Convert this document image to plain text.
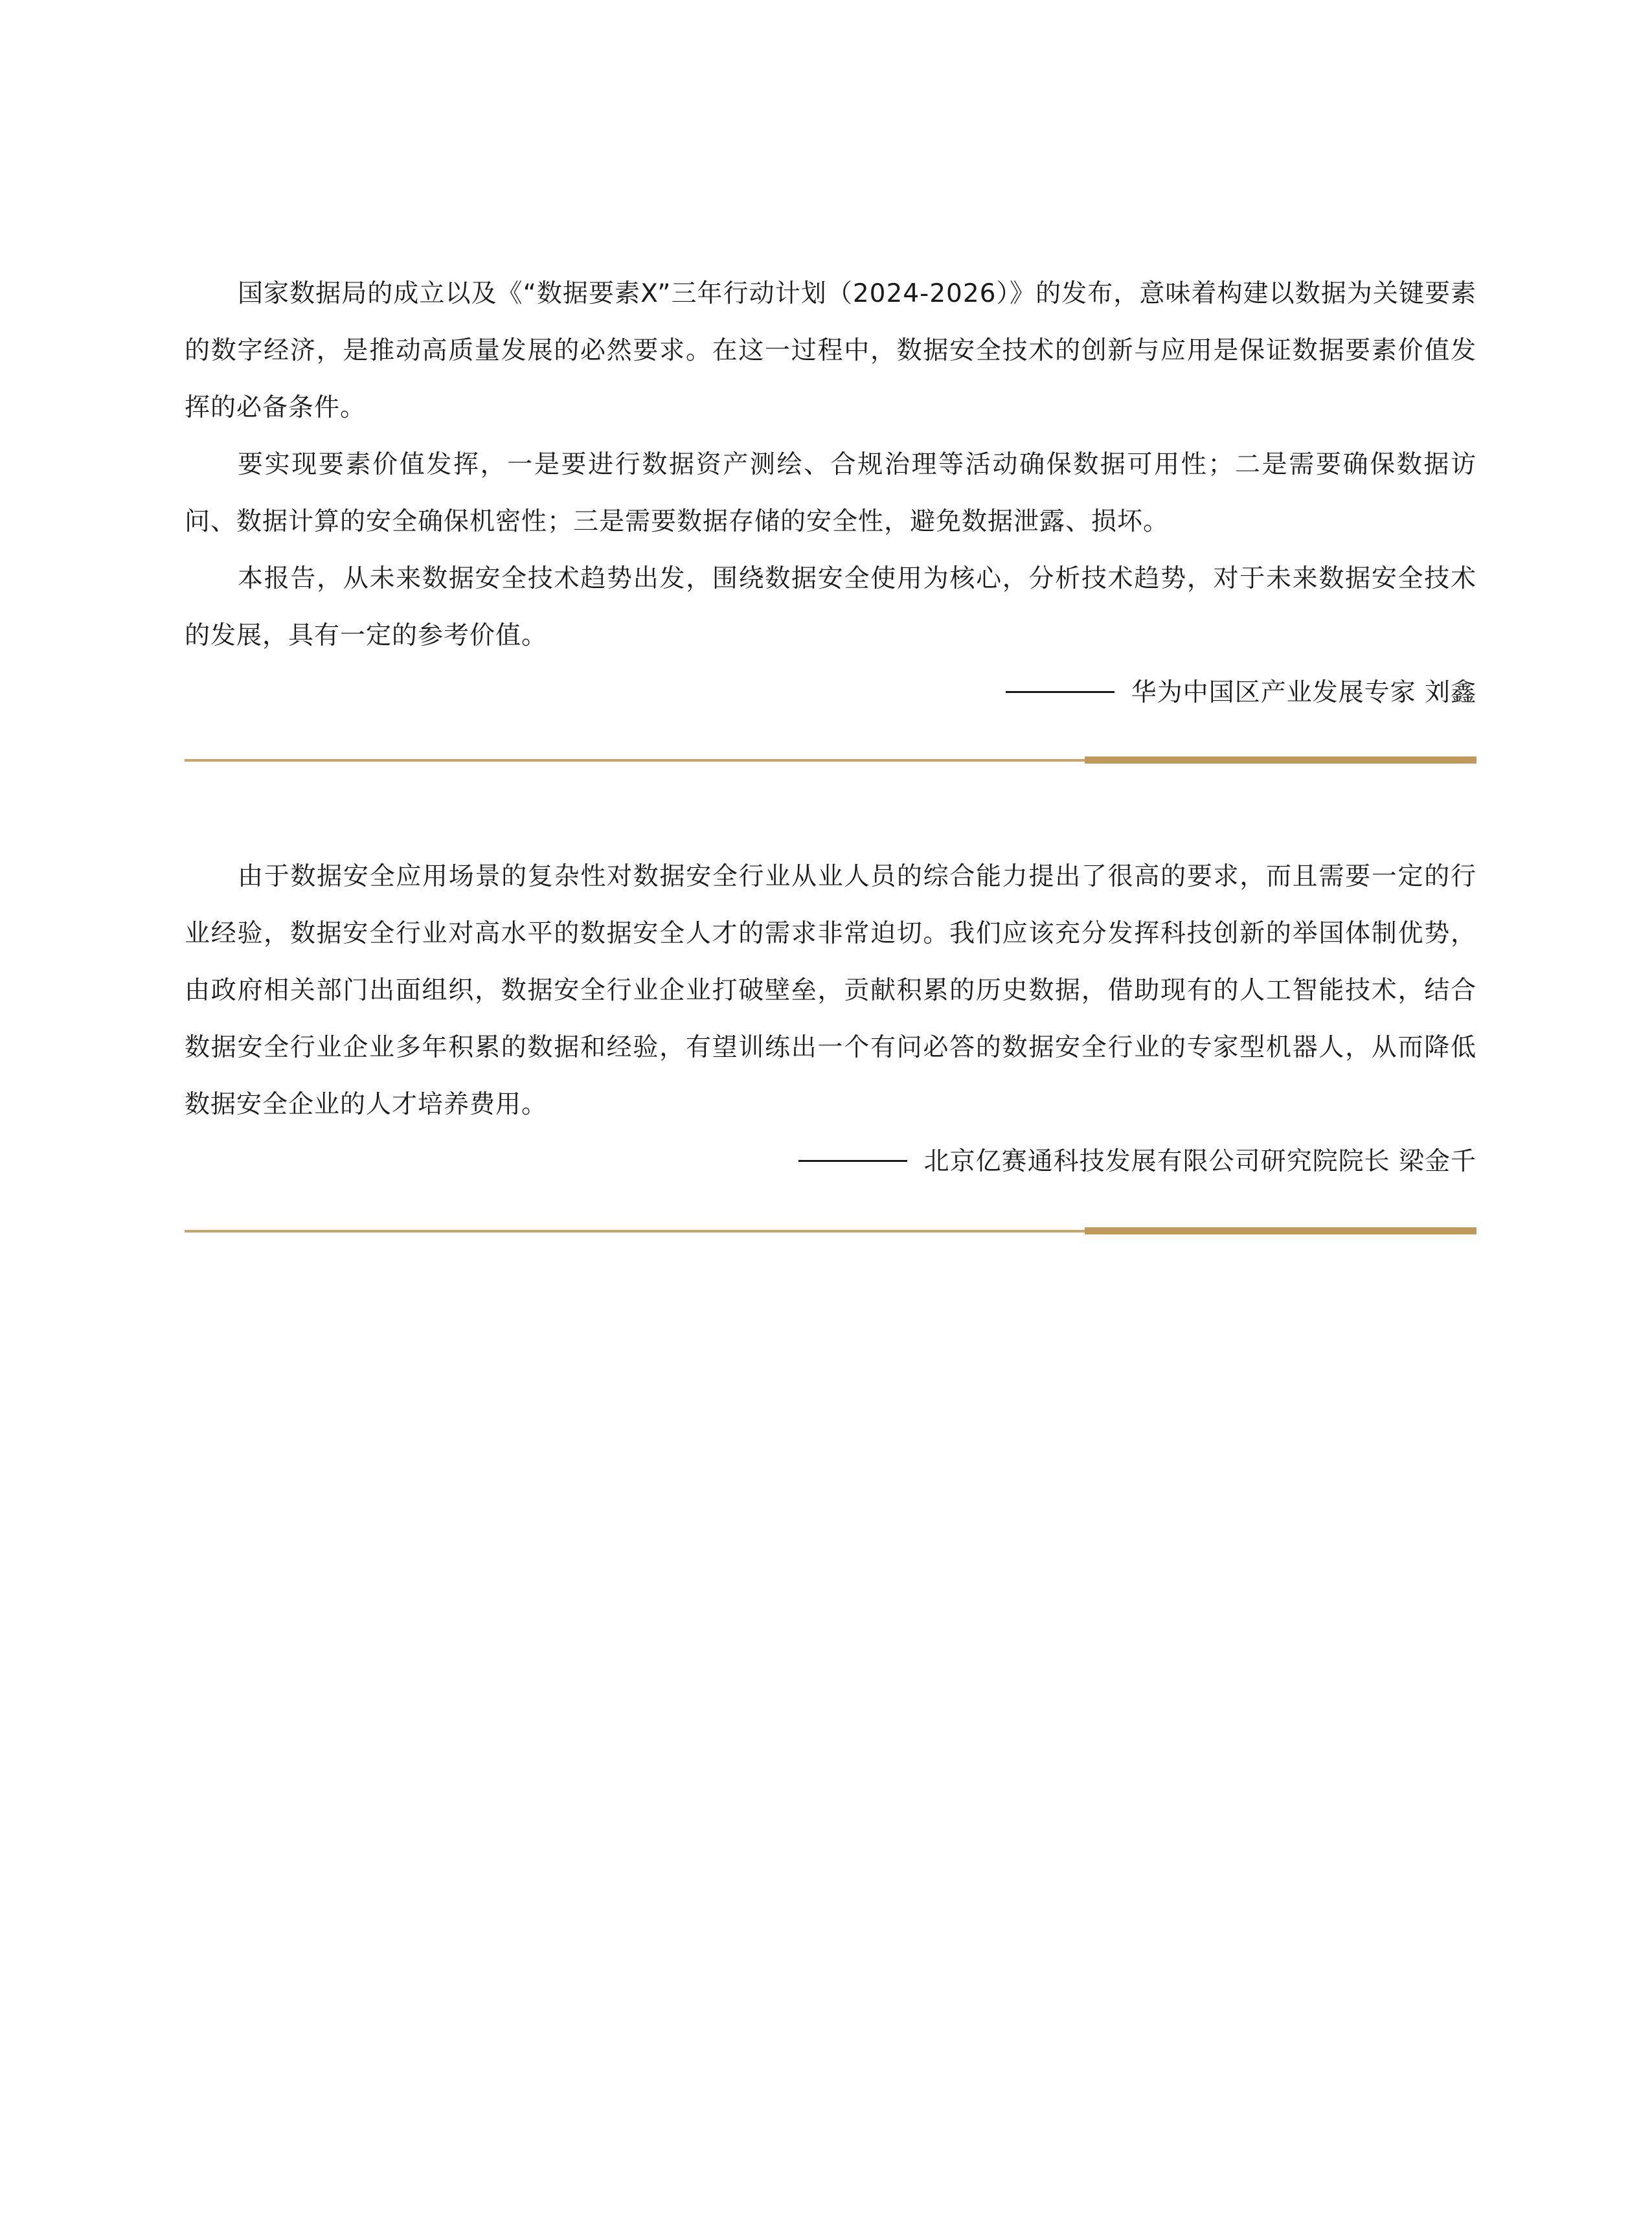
国家数据局的成立以及《“数据要素X”三年行动计划（2024-2026）》的发布，意味着构建以数据为关键要素的数字经济，是推动高质量发展的必然要求。在这一过程中，数据安全技术的创新与应用是保证数据要素价值发挥的必备条件。

要实现要素价值发挥，一是要进行数据资产测绘、合规治理等活动确保数据可用性；二是需要确保数据访问、数据计算的安全确保机密性；三是需要数据存储的安全性，避免数据泄露、损坏。

本报告，从未来数据安全技术趋势出发，围绕数据安全使用为核心，分析技术趋势，对于未来数据安全技术的发展，具有一定的参考价值。

华为中国区产业发展专家 刘鑫

由于数据安全应用场景的复杂性对数据安全行业从业人员的综合能力提出了很高的要求，而且需要一定的行业经验，数据安全行业对高水平的数据安全人才的需求非常迫切。我们应该充分发挥科技创新的举国体制优势，由政府相关部门出面组织，数据安全行业企业打破壁垒，贡献积累的历史数据，借助现有的人工智能技术，结合数据安全行业企业多年积累的数据和经验，有望训练出一个有问必答的数据安全行业的专家型机器人，从而降低数据安全企业的人才培养费用。

北京亿赛通科技发展有限公司研究院院长 梁金千
